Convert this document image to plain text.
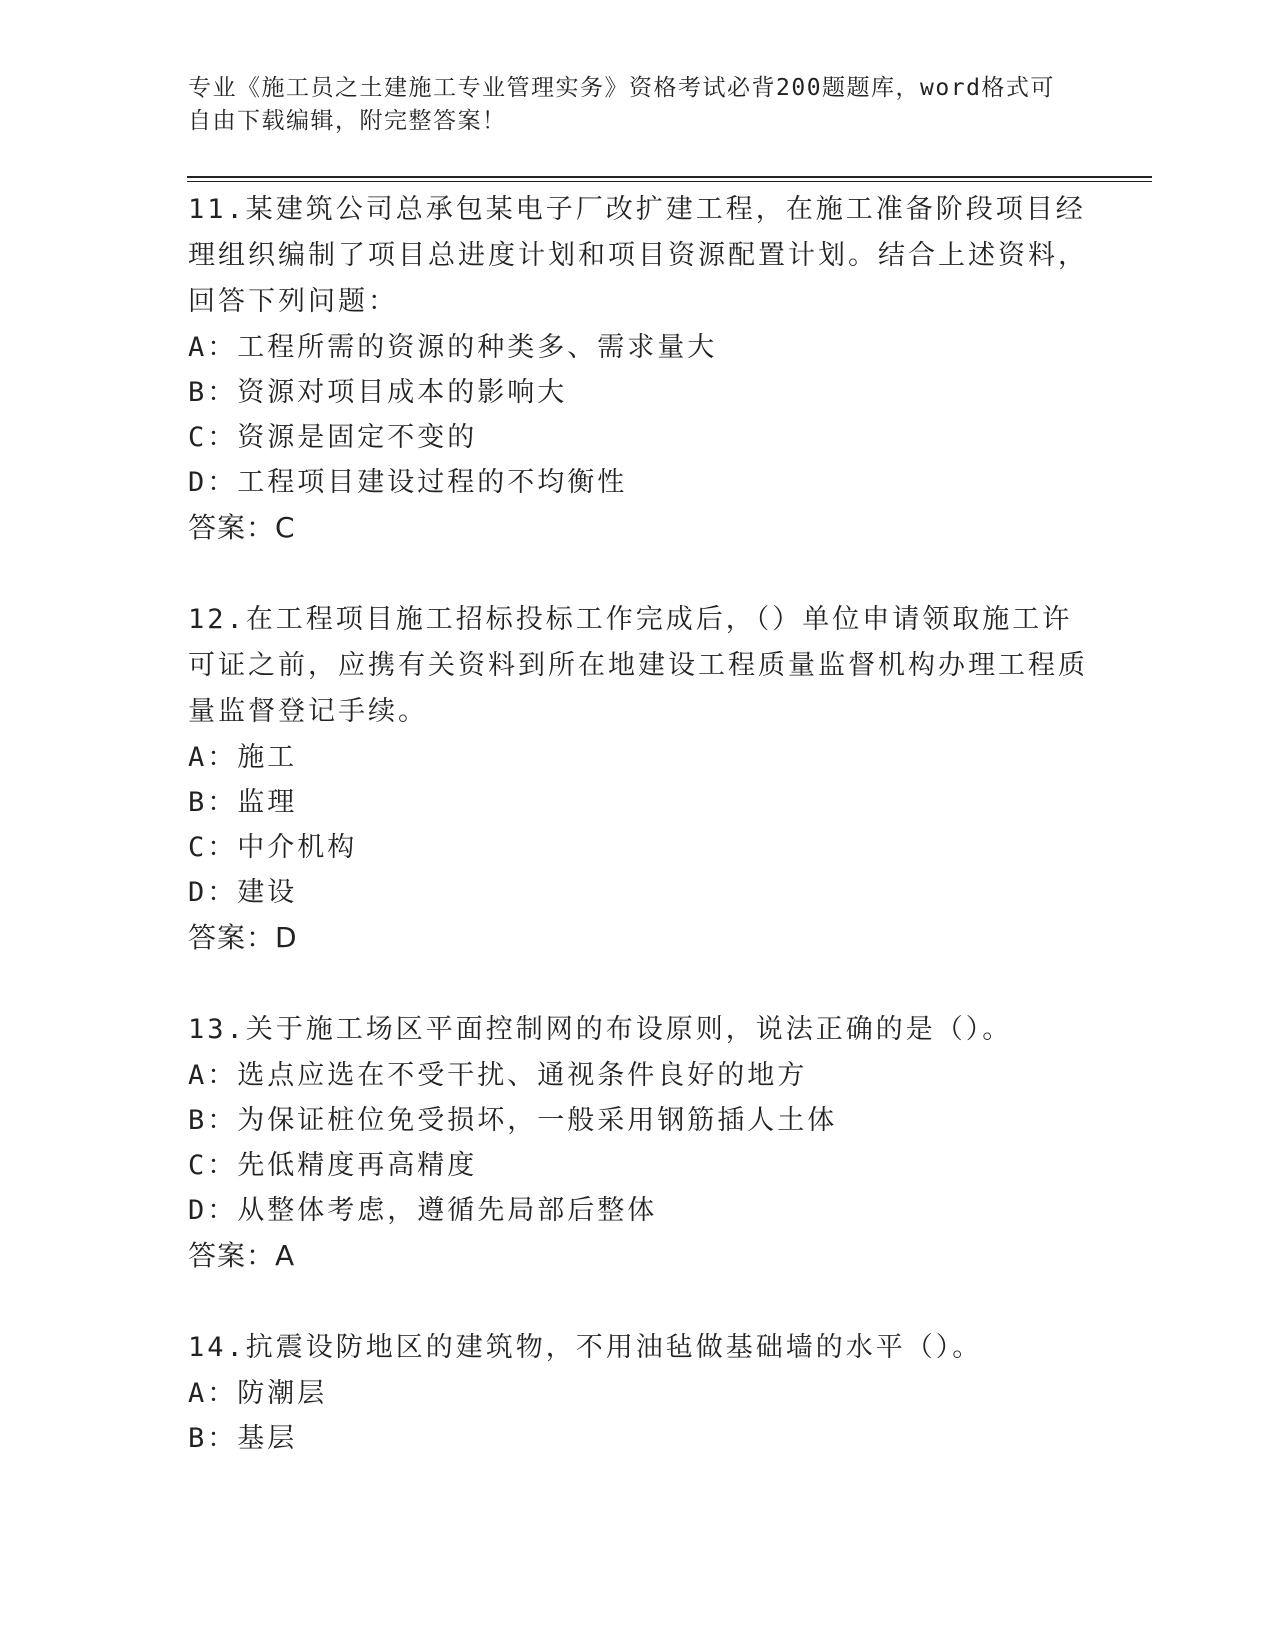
专业《施工员之土建施工专业管理实务》资格考试必背200题题库，word格式可自由下载编辑，附完整答案！

11.某建筑公司总承包某电子厂改扩建工程，在施工准备阶段项目经理组织编制了项目总进度计划和项目资源配置计划。结合上述资料，回答下列问题：

A：工程所需的资源的种类多、需求量大

B：资源对项目成本的影响大

C：资源是固定不变的

D：工程项目建设过程的不均衡性

答案：C

12.在工程项目施工招标投标工作完成后，（）单位申请领取施工许可证之前，应携有关资料到所在地建设工程质量监督机构办理工程质量监督登记手续。

A：施工

B：监理

C：中介机构

D：建设

答案：D

13.关于施工场区平面控制网的布设原则，说法正确的是（）。

A：选点应选在不受干扰、通视条件良好的地方

B：为保证桩位免受损坏，一般采用钢筋插人土体

C：先低精度再高精度

D：从整体考虑，遵循先局部后整体

答案：A

14.抗震设防地区的建筑物，不用油毡做基础墙的水平（）。

A：防潮层

B：基层
